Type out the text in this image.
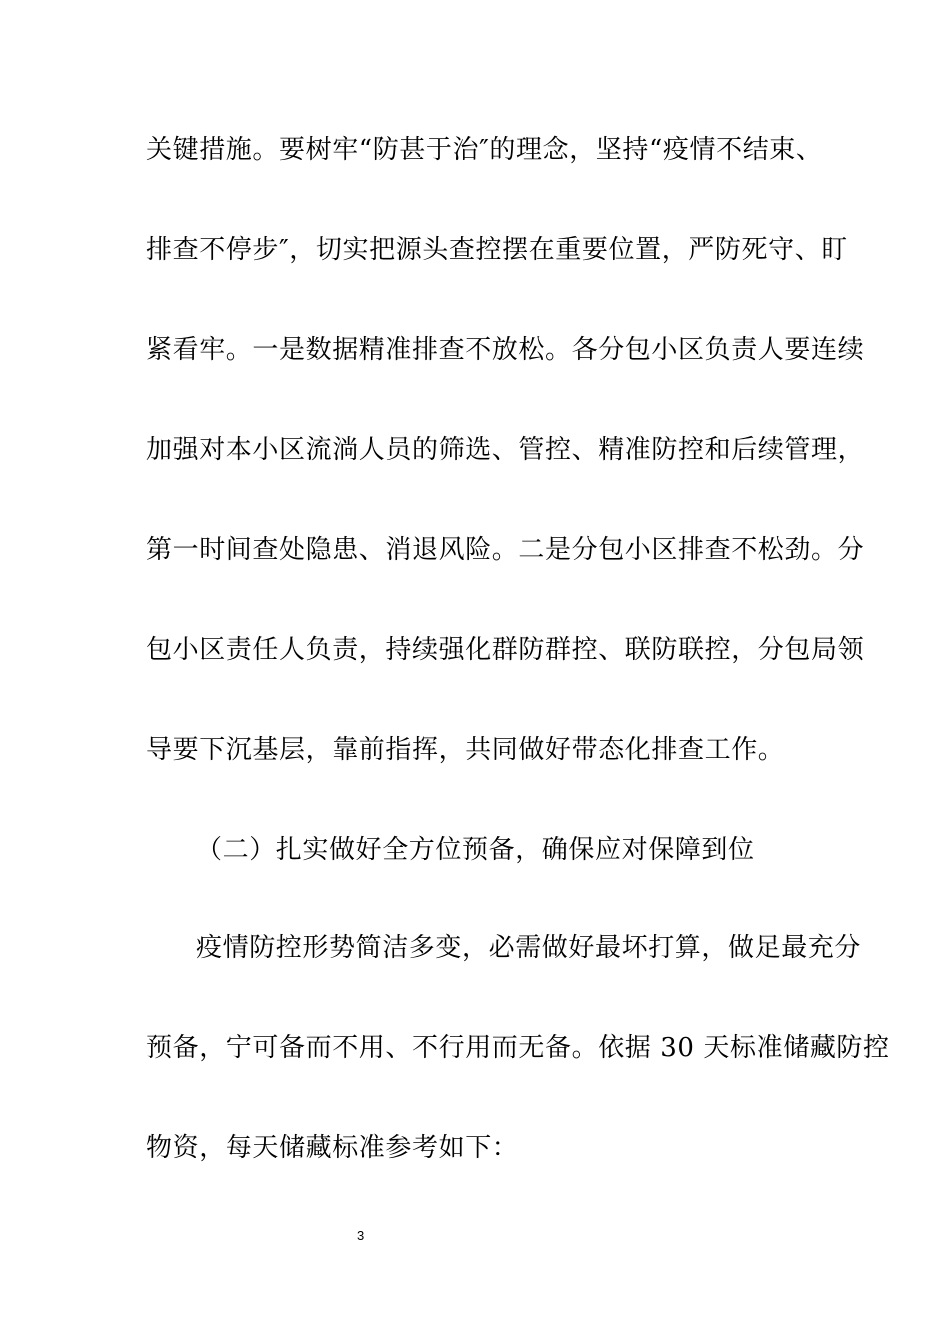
关键措施。要树牢“防甚于治″的理念，坚持“疫情不结束、
排查不停步″，切实把源头查控摆在重要位置，严防死守、盯
紧看牢。一是数据精准排查不放松。各分包小区负责人要连续
加强对本小区流淌人员的筛选、管控、精准防控和后续管理，
第一时间查处隐患、消退风险。二是分包小区排查不松劲。分
包小区责任人负责，持续强化群防群控、联防联控，分包局领
导要下沉基层，靠前指挥，共同做好带态化排查工作。
（二）扎实做好全方位预备，确保应对保障到位
疫情防控形势简洁多变，必需做好最坏打算，做足最充分
预备，宁可备而不用、不行用而无备。依据 30 天标准储藏防控
物资，每天储藏标准参考如下：
3
